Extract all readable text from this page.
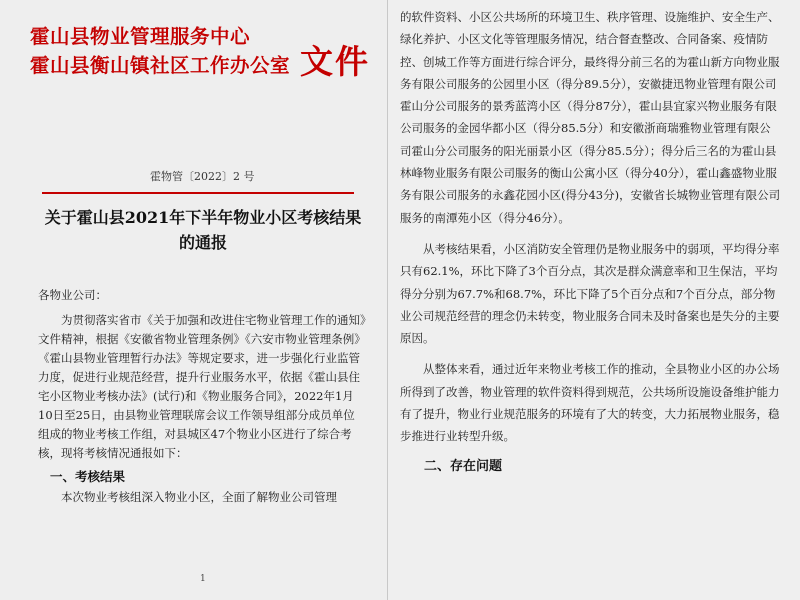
霍山县物业管理服务中心
霍山县衡山镇社区工作办公室 文件
霍物管〔2022〕2 号
关于霍山县2021年下半年物业小区考核结果的通报

各物业公司：

为贯彻落实省市《关于加强和改进住宅物业管理工作的通知》文件精神，根据《安徽省物业管理条例》《六安市物业管理条例》《霍山县物业管理暂行办法》等规定要求，进一步强化行业监管力度，促进行业规范经营，提升行业服务水平，依据《霍山县住宅小区物业考核办法》(试行)和《物业服务合同》，2022年1月10日至25日，由县物业管理联席会议工作领导组部分成员单位组成的物业考核工作组，对县城区47个物业小区进行了综合考核，现将考核情况通报如下：

一、考核结果

本次物业考核组深入物业小区，全面了解物业公司管理

1

的软件资料、小区公共场所的环境卫生、秩序管理、设施维护、安全生产、绿化养护、小区文化等管理服务情况，结合督查整改、合同备案、疫情防控、创城工作等方面进行综合评分，最终得分前三名的为霍山新方向物业服务有限公司服务的公园里小区（得分89.5分），安徽捷迅物业管理有限公司霍山分公司服务的景秀蓝湾小区（得分87分），霍山县宜家兴物业服务有限公司服务的金园华都小区（得分85.5分）和安徽浙商瑞雅物业管理有限公司霍山分公司服务的阳光丽景小区（得分85.5分）；得分后三名的为霍山县林峰物业服务有限公司服务的衡山公寓小区（得分40分），霍山鑫盛物业服务有限公司服务的永鑫花园小区(得分43分)，安徽省长城物业管理有限公司服务的南潭苑小区（得分46分）。

从考核结果看，小区消防安全管理仍是物业服务中的弱项，平均得分率只有62.1%，环比下降了3个百分点，其次是群众满意率和卫生保洁，平均得分分别为67.7%和68.7%，环比下降了5个百分点和7个百分点，部分物业公司规范经营的理念仍未转变，物业服务合同未及时备案也是失分的主要原因。

从整体来看，通过近年来物业考核工作的推动，全县物业小区的办公场所得到了改善，物业管理的软件资料得到规范，公共场所设施设备维护能力有了提升，物业行业规范服务的环境有了大的转变，大力拓展物业服务，稳步推进行业转型升级。

二、存在问题
